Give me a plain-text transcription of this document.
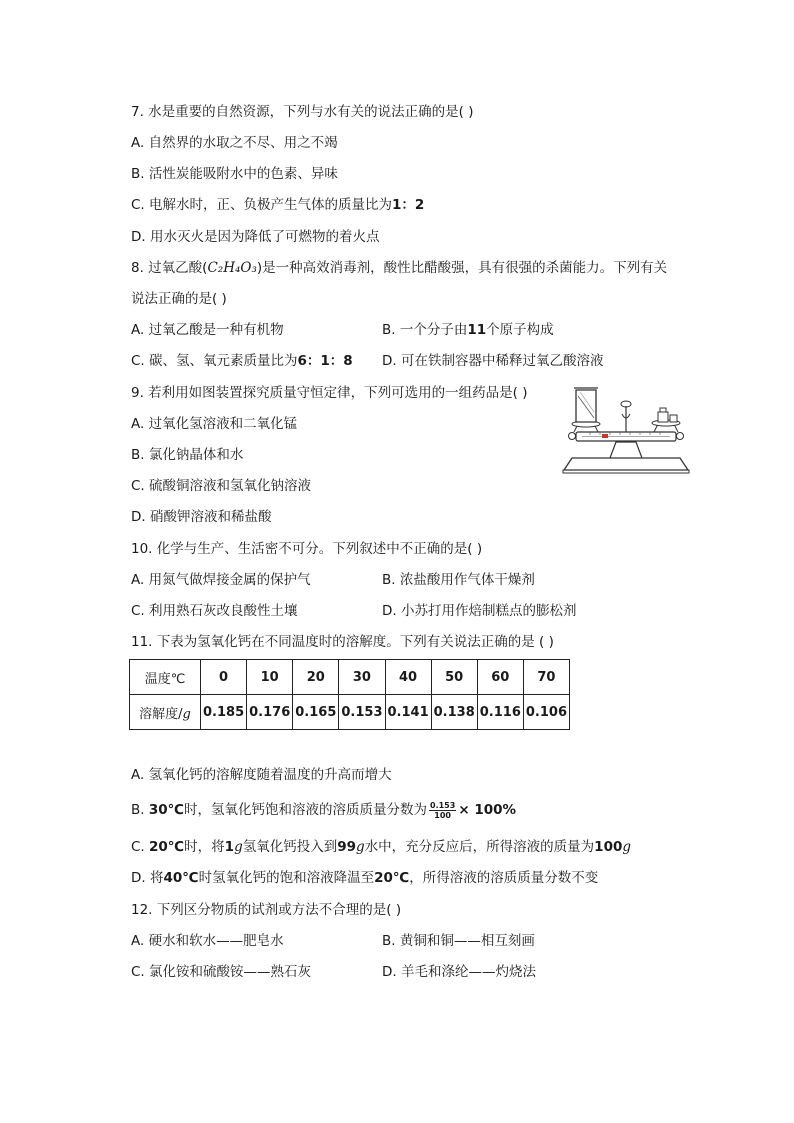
7. 水是重要的自然资源，下列与水有关的说法正确的是( )
A. 自然界的水取之不尽、用之不竭
B. 活性炭能吸附水中的色素、异味
C. 电解水时，正、负极产生气体的质量比为1：2
D. 用水灭火是因为降低了可燃物的着火点
8. 过氧乙酸(C₂H₄O₃)是一种高效消毒剂，酸性比醋酸强，具有很强的杀菌能力。下列有关
说法正确的是( )
A. 过氧乙酸是一种有机物	B. 一个分子由11个原子构成
C. 碳、氢、氧元素质量比为6：1：8 D. 可在铁制容器中稀释过氧乙酸溶液
9. 若利用如图装置探究质量守恒定律，下列可选用的一组药品是( )
A. 过氧化氢溶液和二氧化锰
B. 氯化钠晶体和水
C. 硫酸铜溶液和氢氧化钠溶液
D. 硝酸钾溶液和稀盐酸
10. 化学与生产、生活密不可分。下列叙述中不正确的是( )
A. 用氮气做焊接金属的保护气	B. 浓盐酸用作气体干燥剂
C. 利用熟石灰改良酸性土壤	D. 小苏打用作焙制糕点的膨松剂
11. 下表为氢氧化钙在不同温度时的溶解度。下列有关说法正确的是 ( )
温度℃	0	10	20	30	40	50	60	70
溶解度/g	0.185	0.176	0.165	0.153	0.141	0.138	0.116	0.106
A. 氢氧化钙的溶解度随着温度的升高而增大
B. 30℃时，氢氧化钙饱和溶液的溶质质量分数为 $\frac{0.153}{100} \times 100\%$
C. 20℃时，将1g氢氧化钙投入到99g水中，充分反应后，所得溶液的质量为100g
D. 将40℃时氢氧化钙的饱和溶液降温至20℃，所得溶液的溶质质量分数不变
12. 下列区分物质的试剂或方法不合理的是( )
A. 硬水和软水——肥皂水	B. 黄铜和铜——相互刻画
C. 氯化铵和硫酸铵——熟石灰	D. 羊毛和涤纶——灼烧法
